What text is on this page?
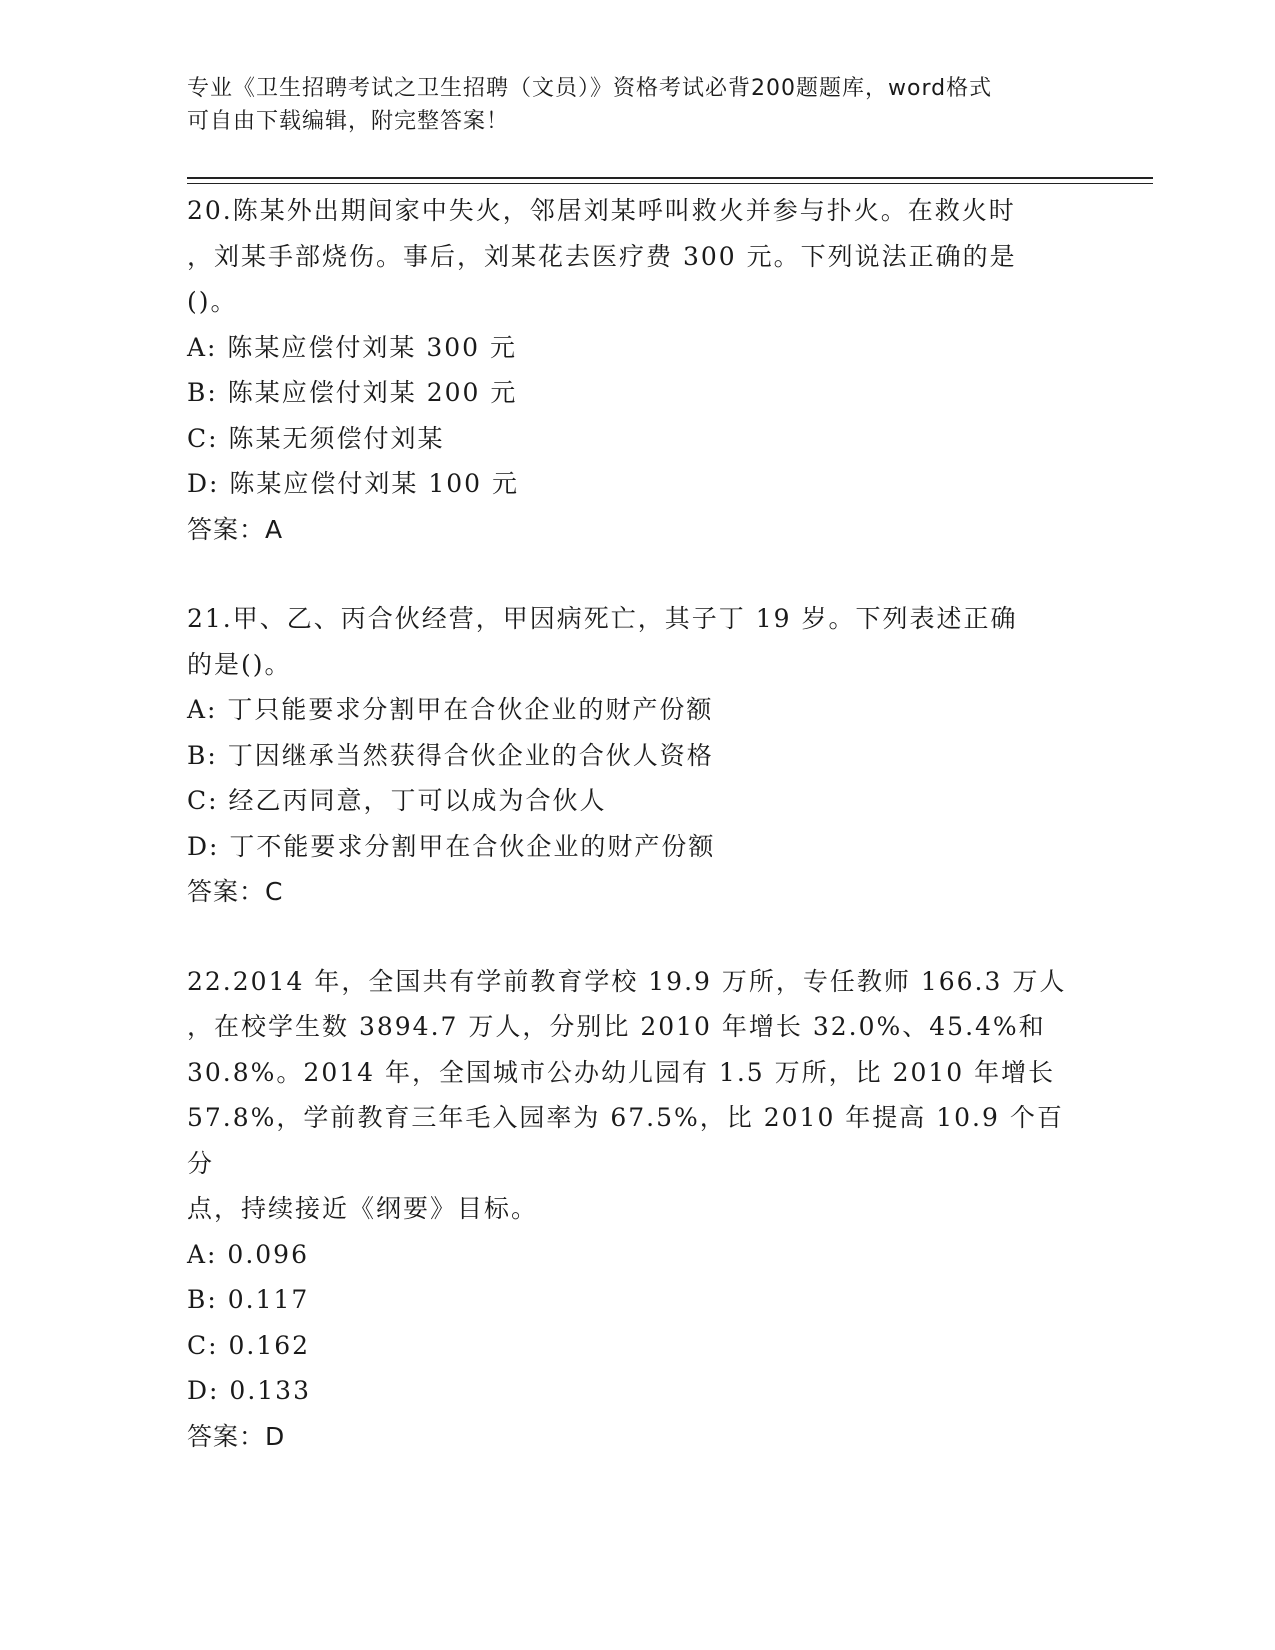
专业《卫生招聘考试之卫生招聘（文员）》资格考试必背200题题库，word格式
可自由下载编辑，附完整答案！
20.陈某外出期间家中失火，邻居刘某呼叫救火并参与扑火。在救火时
，刘某手部烧伤。事后，刘某花去医疗费 300 元。下列说法正确的是
()。
A: 陈某应偿付刘某 300 元
B: 陈某应偿付刘某 200 元
C: 陈某无须偿付刘某
D: 陈某应偿付刘某 100 元
答案：A
21.甲、乙、丙合伙经营，甲因病死亡，其子丁 19 岁。下列表述正确
的是()。
A: 丁只能要求分割甲在合伙企业的财产份额
B: 丁因继承当然获得合伙企业的合伙人资格
C: 经乙丙同意，丁可以成为合伙人
D: 丁不能要求分割甲在合伙企业的财产份额
答案：C
22.2014 年，全国共有学前教育学校 19.9 万所，专任教师 166.3 万人
，在校学生数 3894.7 万人，分别比 2010 年增长 32.0%、45.4%和
30.8%。2014 年，全国城市公办幼儿园有 1.5 万所，比 2010 年增长
57.8%，学前教育三年毛入园率为 67.5%，比 2010 年提高 10.9 个百分
点，持续接近《纲要》目标。
A: 0.096
B: 0.117
C: 0.162
D: 0.133
答案：D
